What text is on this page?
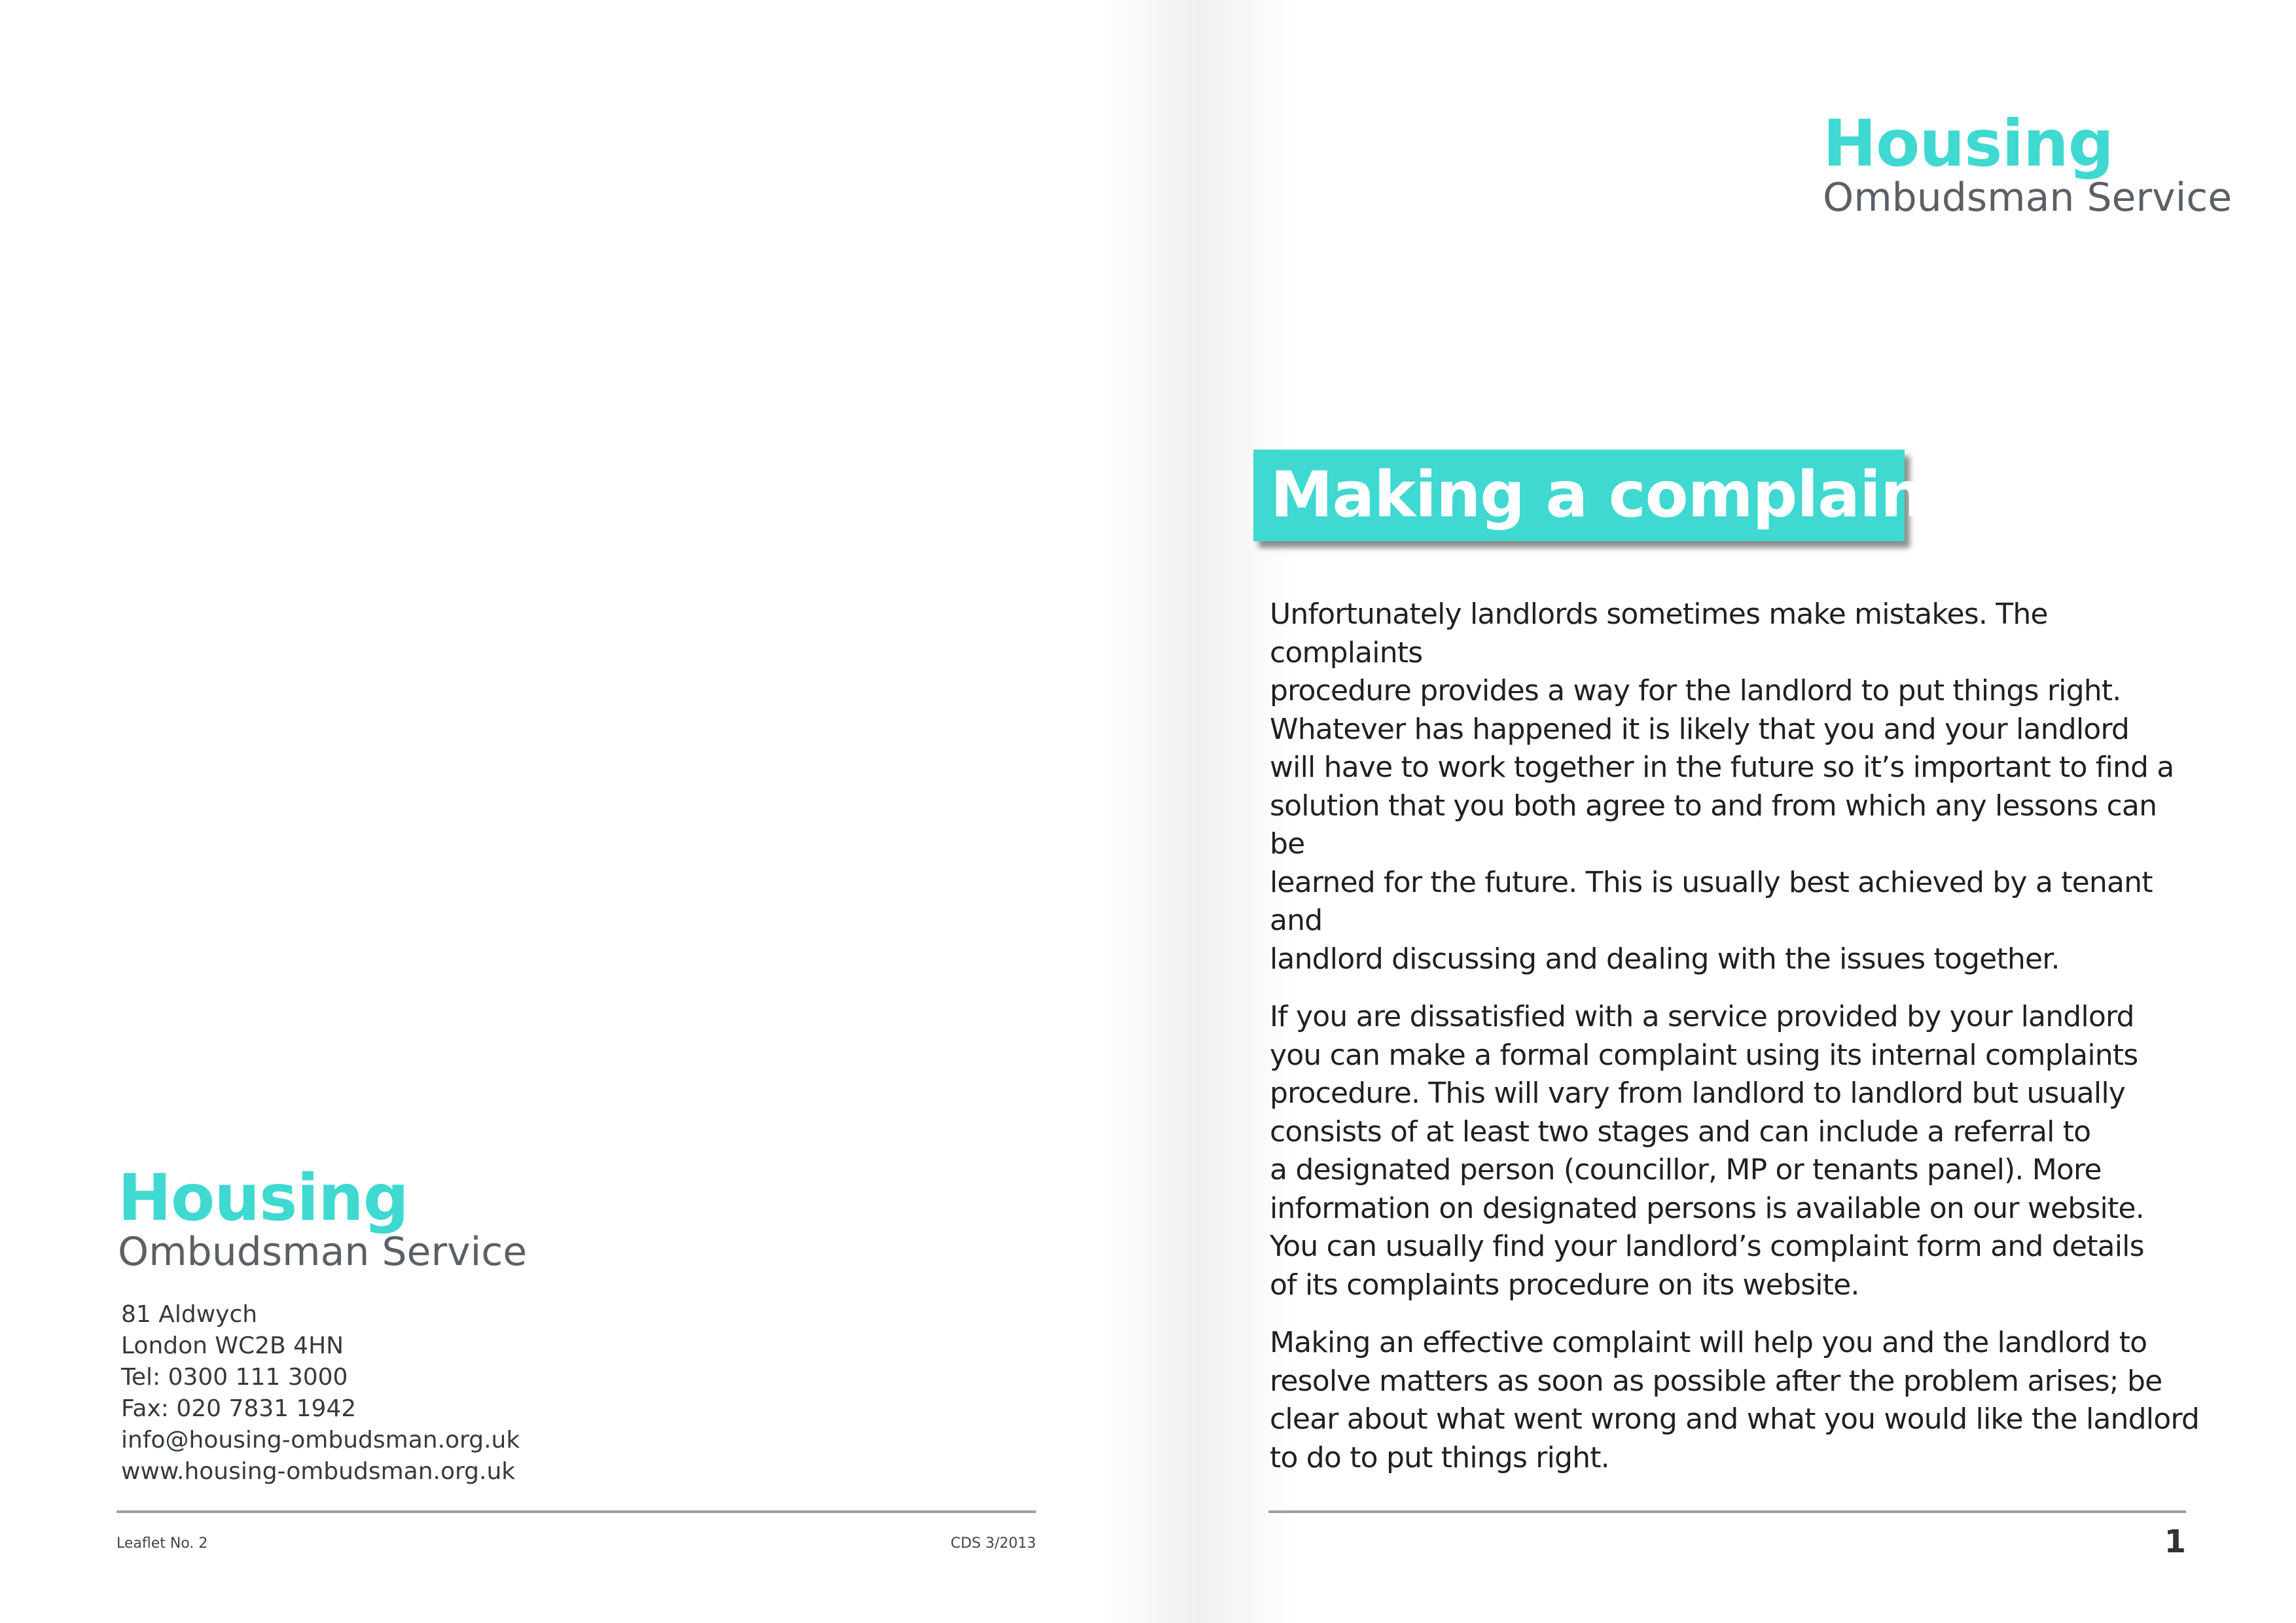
Housing
Ombudsman Service
Making a complaint

Unfortunately landlords sometimes make mistakes. The complaints
procedure provides a way for the landlord to put things right.
Whatever has happened it is likely that you and your landlord
will have to work together in the future so it’s important to find a
solution that you both agree to and from which any lessons can be
learned for the future. This is usually best achieved by a tenant and
landlord discussing and dealing with the issues together.

If you are dissatisfied with a service provided by your landlord
you can make a formal complaint using its internal complaints
procedure. This will vary from landlord to landlord but usually
consists of at least two stages and can include a referral to
a designated person (councillor, MP or tenants panel). More
information on designated persons is available on our website.
You can usually find your landlord’s complaint form and details
of its complaints procedure on its website.

Making an effective complaint will help you and the landlord to
resolve matters as soon as possible after the problem arises; be
clear about what went wrong and what you would like the landlord
to do to put things right.

1
Housing
Ombudsman Service
81 Aldwych
London WC2B 4HN
Tel: 0300 111 3000
Fax: 020 7831 1942
info@housing-ombudsman.org.uk
www.housing-ombudsman.org.uk
Leaflet No. 2	CDS 3/2013
